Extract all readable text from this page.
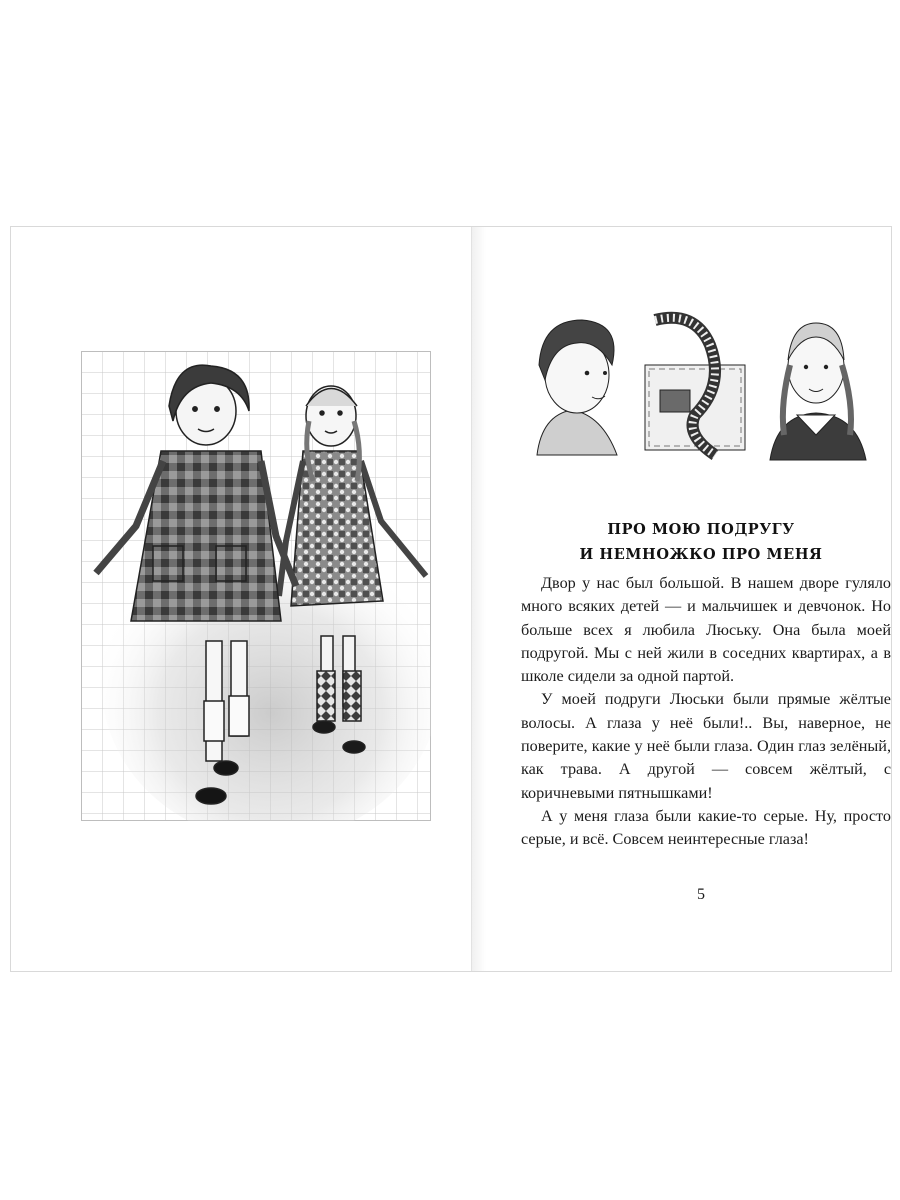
ПРО МОЮ ПОДРУГУ
И НЕМНОЖКО ПРО МЕНЯ

Двор у нас был большой. В нашем дворе гуляло много всяких детей — и мальчишек и девчонок. Но больше всех я любила Люську. Она была моей подругой. Мы с ней жили в соседних квартирах, а в школе сидели за одной партой.

У моей подруги Люськи были прямые жёлтые волосы. А глаза у неё были!.. Вы, наверное, не поверите, какие у неё были глаза. Один глаз зелёный, как трава. А другой — совсем жёлтый, с коричневыми пятнышками!

А у меня глаза были какие-то серые. Ну, просто серые, и всё. Совсем неинтересные глаза!

5
